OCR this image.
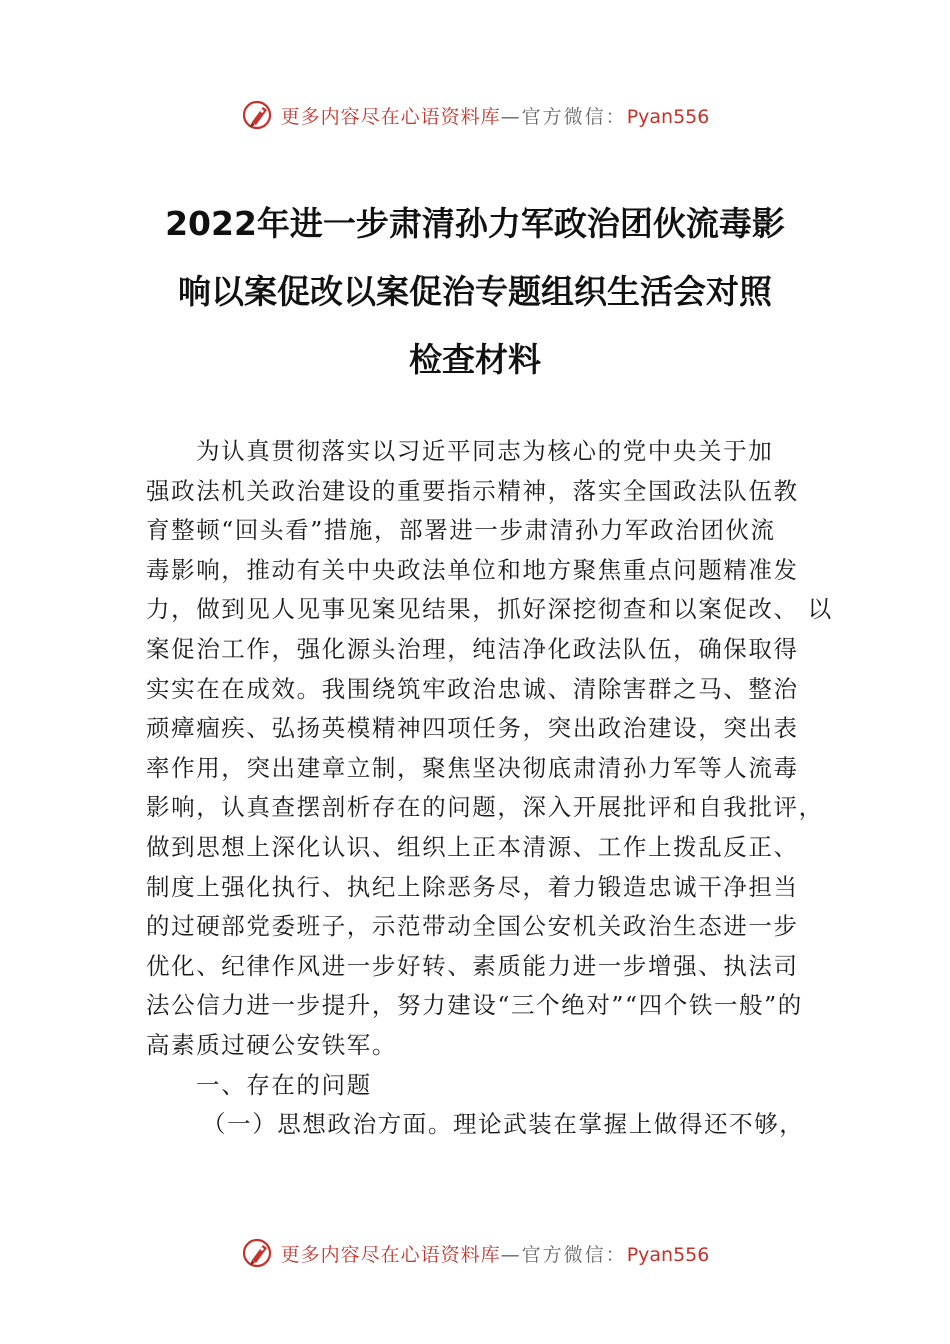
更多内容尽在心语资料库—官方微信：Pyan556
2022年进一步肃清孙力军政治团伙流毒影
响以案促改以案促治专题组织生活会对照
检查材料

为认真贯彻落实以习近平同志为核心的党中央关于加
强政法机关政治建设的重要指示精神，落实全国政法队伍教
育整顿“回头看”措施，部署进一步肃清孙力军政治团伙流
毒影响，推动有关中央政法单位和地方聚焦重点问题精准发
力，做到见人见事见案见结果，抓好深挖彻查和以案促改、 以
案促治工作，强化源头治理，纯洁净化政法队伍，确保取得
实实在在成效。我围绕筑牢政治忠诚、清除害群之马、整治
顽瘴痼疾、弘扬英模精神四项任务，突出政治建设，突出表
率作用，突出建章立制，聚焦坚决彻底肃清孙力军等人流毒
影响，认真查摆剖析存在的问题，深入开展批评和自我批评，
做到思想上深化认识、组织上正本清源、工作上拨乱反正、
制度上强化执行、执纪上除恶务尽，着力锻造忠诚干净担当
的过硬部党委班子，示范带动全国公安机关政治生态进一步
优化、纪律作风进一步好转、素质能力进一步增强、执法司
法公信力进一步提升，努力建设“三个绝对”“四个铁一般”的
高素质过硬公安铁军。

一、存在的问题

（一）思想政治方面。理论武装在掌握上做得还不够，

更多内容尽在心语资料库—官方微信：Pyan556
